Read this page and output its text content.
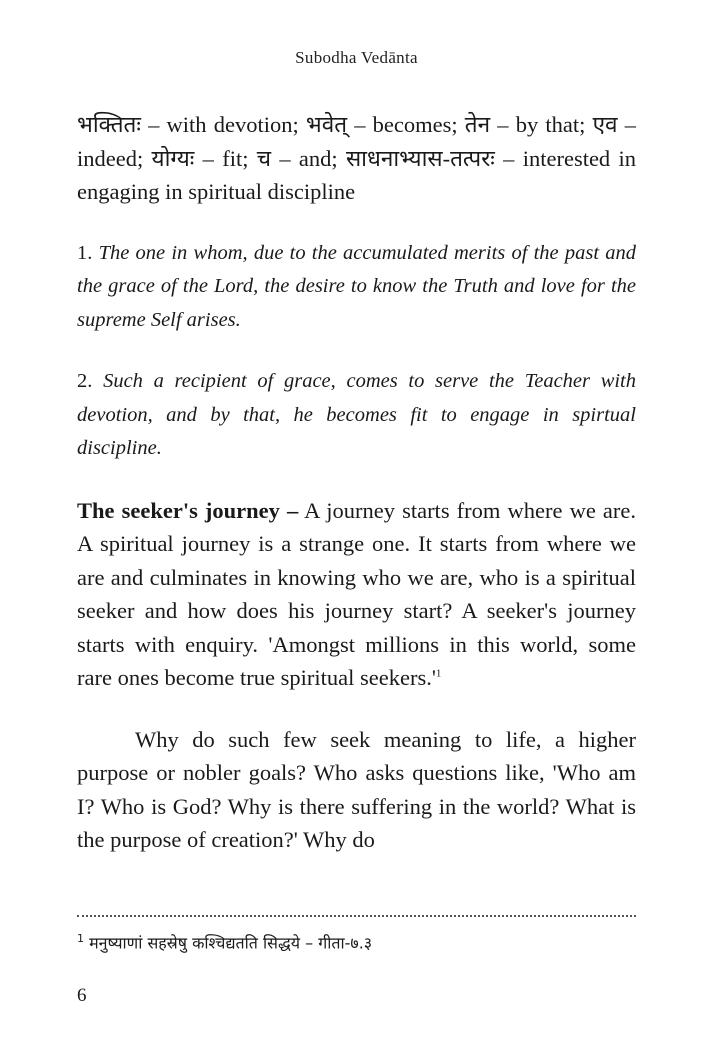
Subodha Vedānta

भक्तितः – with devotion; भवेत् – becomes; तेन – by that; एव – indeed; योग्यः – fit; च – and; साधनाभ्यास-तत्परः – interested in engaging in spiritual discipline

1. The one in whom, due to the accumulated merits of the past and the grace of the Lord, the desire to know the Truth and love for the supreme Self arises.

2. Such a recipient of grace, comes to serve the Teacher with devotion, and by that, he becomes fit to engage in spirtual discipline.

The seeker's journey – A journey starts from where we are. A spiritual journey is a strange one. It starts from where we are and culminates in knowing who we are, who is a spiritual seeker and how does his journey start? A seeker's journey starts with enquiry. 'Amongst millions in this world, some rare ones become true spiritual seekers.'$^1$

Why do such few seek meaning to life, a higher purpose or nobler goals? Who asks questions like, 'Who am I? Who is God? Why is there suffering in the world? What is the purpose of creation?' Why do

$^1$ मनुष्याणां सहस्रेषु कश्चिद्यतति सिद्धये – गीता-७.३
6
